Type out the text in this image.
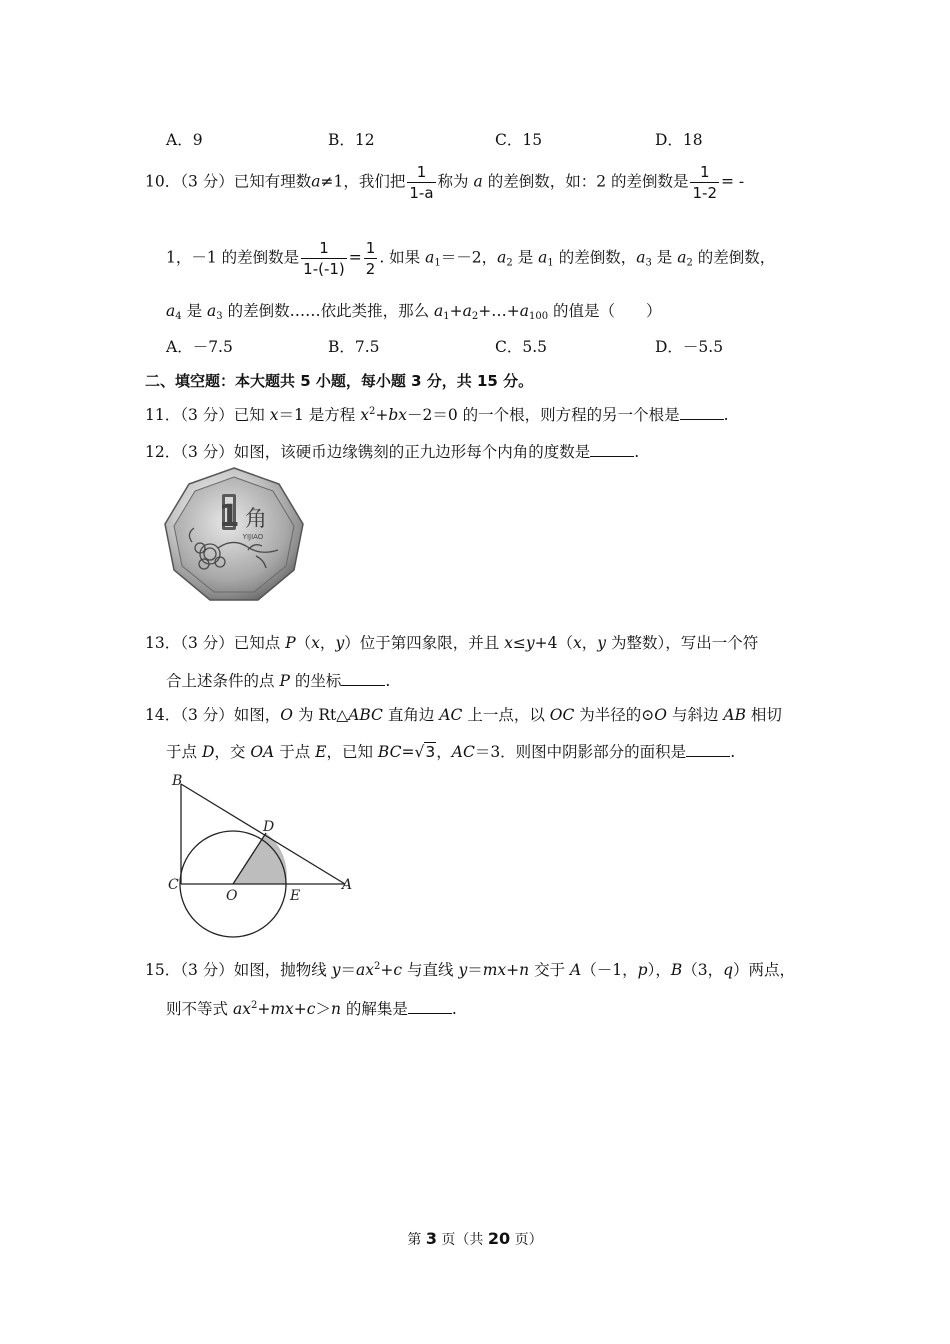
A．9	B．12	C．15	D．18
10．（3 分）已知有理数a≠1，我们把 $\frac{1}{1-a}$ 称为 a 的差倒数，如：2 的差倒数是 $\frac{1}{1-2}$ = -
1，－1 的差倒数是 $\frac{1}{1-(-1)} = \frac{1}{2}$ . 如果 $a_1=-2$，$a_2$ 是 $a_1$ 的差倒数，$a_3$ 是 $a_2$ 的差倒数，
$a_4$ 是 $a_3$ 的差倒数……依此类推，那么 $a_1+a_2+\dots+a_{100}$ 的值是（　　）
A．－7.5	B．7.5	C．5.5	D．－5.5
二、填空题：本大题共 5 小题，每小题 3 分，共 15 分。
11．（3 分）已知 x＝1 是方程 $x^2+bx-2=0$ 的一个根，则方程的另一个根是	.
12．（3 分）如图，该硬币边缘镌刻的正九边形每个内角的度数是	.
1 角
YIJIAO
13．（3 分）已知点 P（x，y）位于第四象限，并且 x≤y+4（x，y 为整数），写出一个符
合上述条件的点 P 的坐标	.
14．（3 分）如图，O 为 Rt△ABC 直角边 AC 上一点，以 OC 为半径的⊙O 与斜边 AB 相切
于点 D，交 OA 于点 E，已知 BC=√3，AC＝3．则图中阴影部分的面积是	.
B
C
D
O	E
A
15．（3 分）如图，抛物线 $y=ax^2+c$ 与直线 y＝mx+n 交于 A（－1，p），B（3，q）两点，
则不等式 $ax^2+mx+c>n$ 的解集是	.
第 3 页（共 20 页）
